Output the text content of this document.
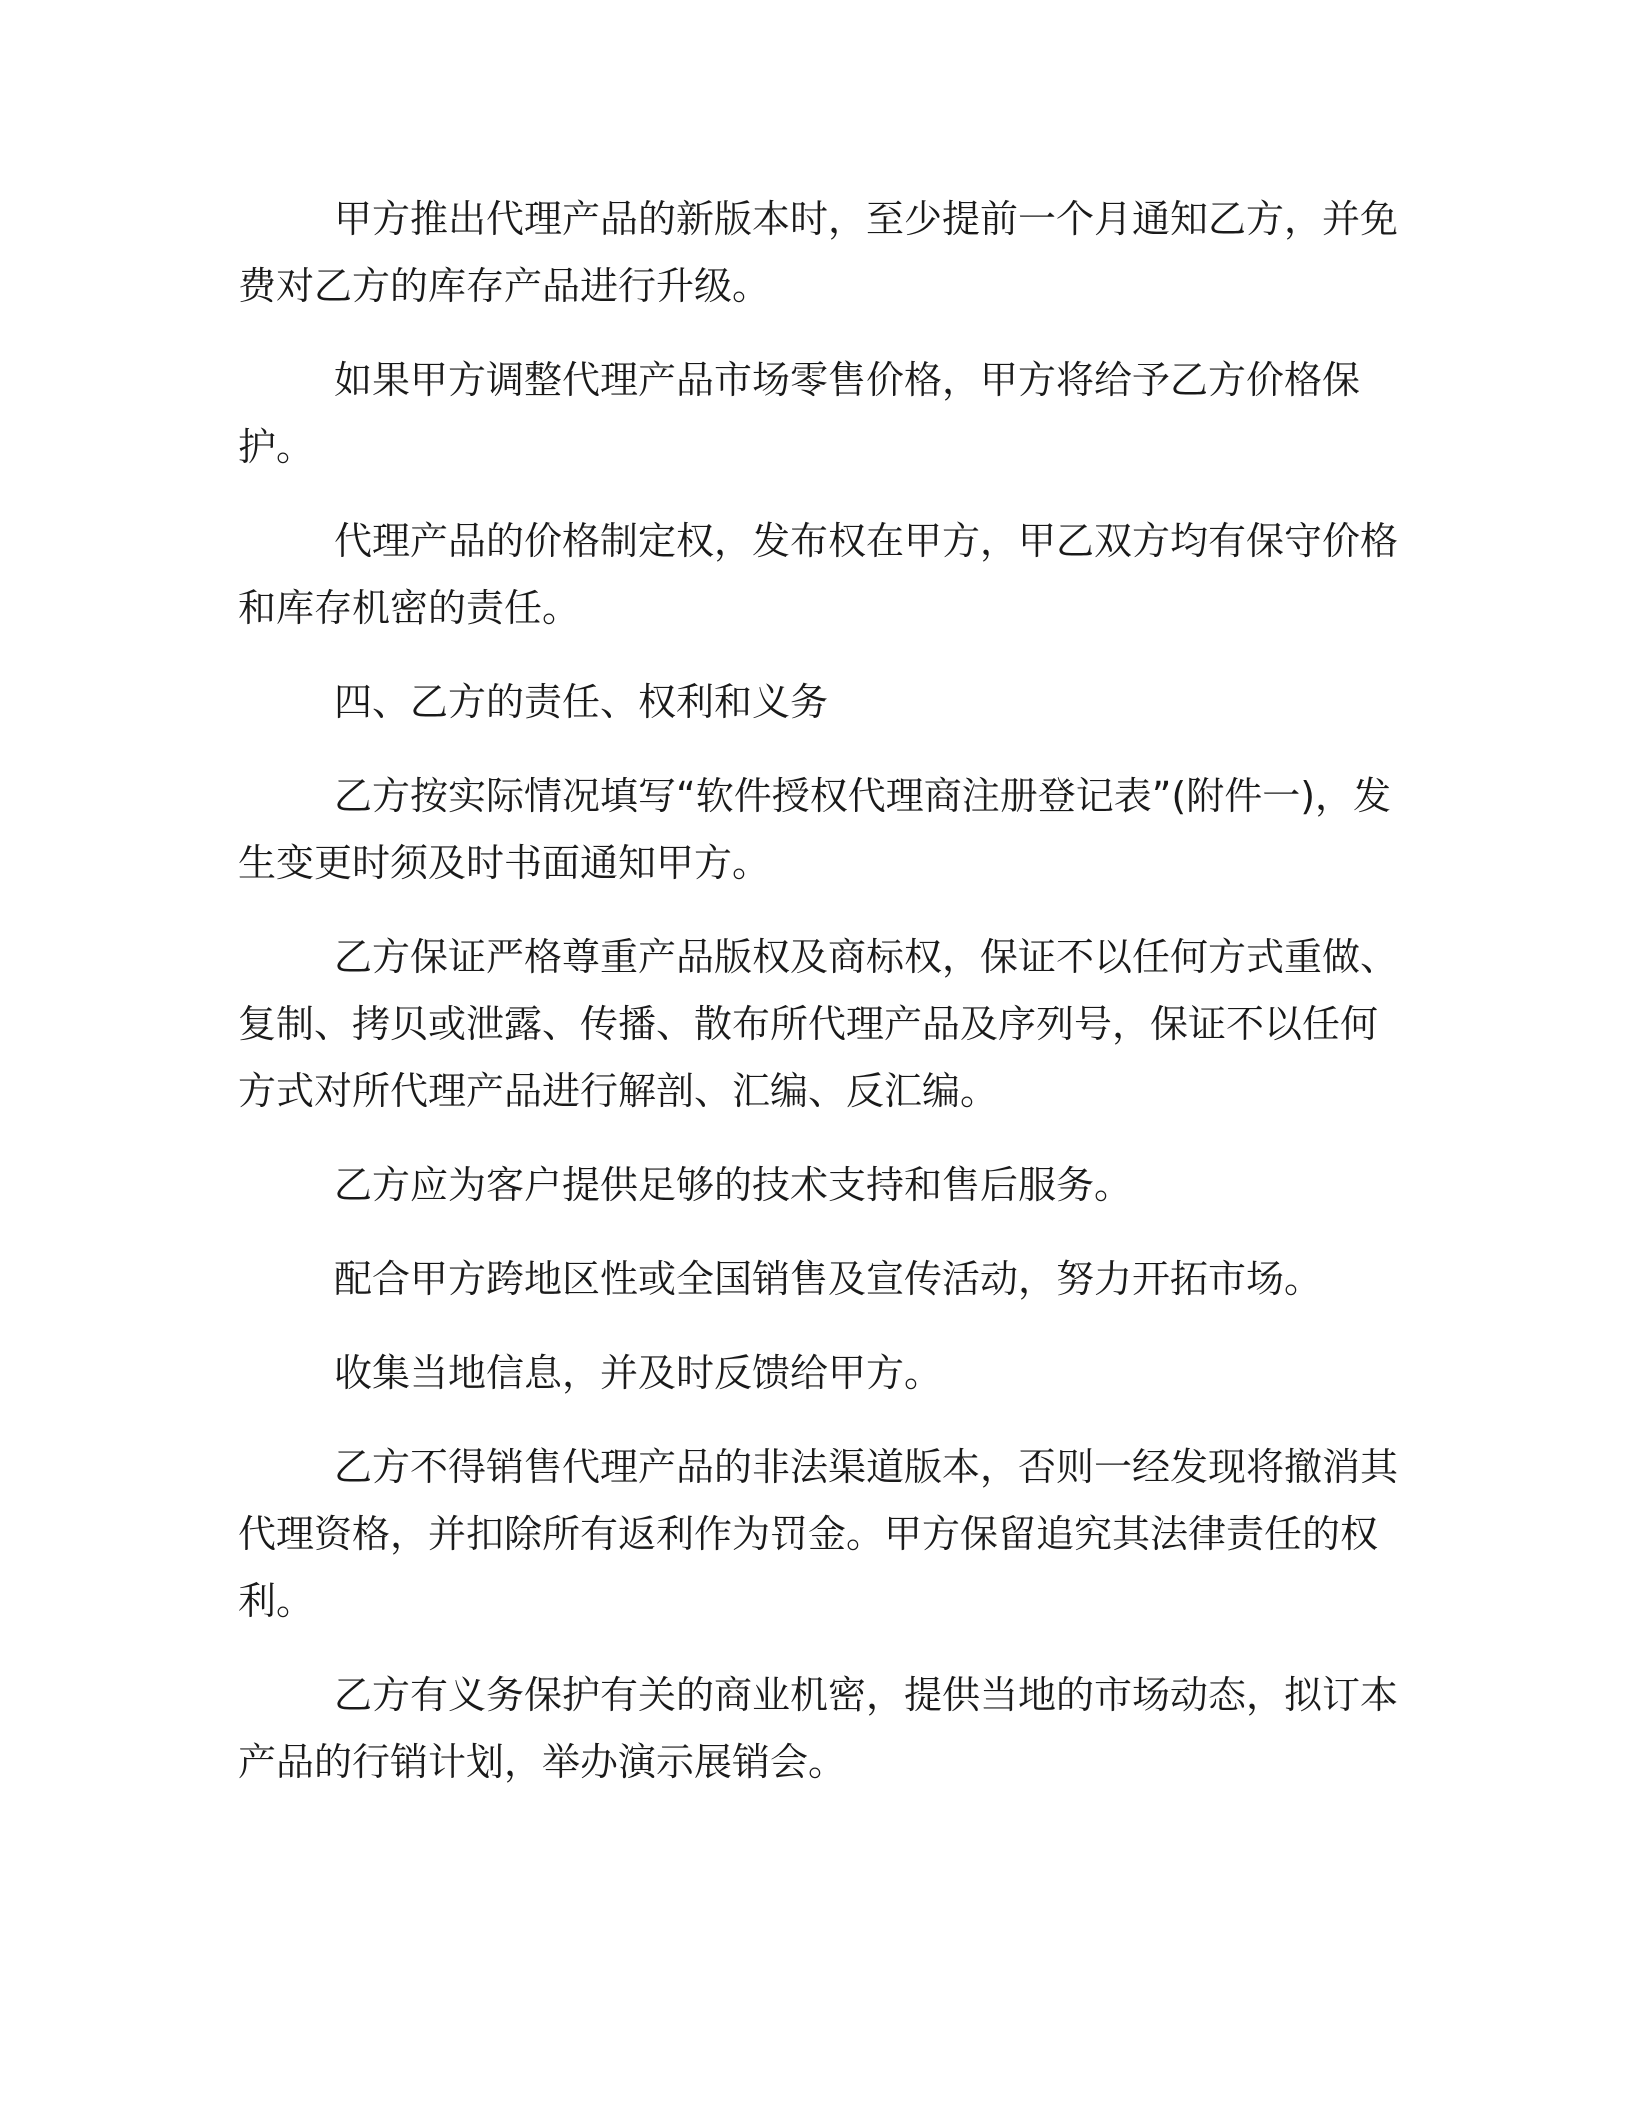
甲方推出代理产品的新版本时，至少提前一个月通知乙方，并免费对乙方的库存产品进行升级。

如果甲方调整代理产品市场零售价格，甲方将给予乙方价格保护。

代理产品的价格制定权，发布权在甲方，甲乙双方均有保守价格和库存机密的责任。

四、乙方的责任、权利和义务

乙方按实际情况填写“软件授权代理商注册登记表”(附件一)，发生变更时须及时书面通知甲方。

乙方保证严格尊重产品版权及商标权，保证不以任何方式重做、复制、拷贝或泄露、传播、散布所代理产品及序列号，保证不以任何方式对所代理产品进行解剖、汇编、反汇编。

乙方应为客户提供足够的技术支持和售后服务。

配合甲方跨地区性或全国销售及宣传活动，努力开拓市场。

收集当地信息，并及时反馈给甲方。

乙方不得销售代理产品的非法渠道版本，否则一经发现将撤消其代理资格，并扣除所有返利作为罚金。甲方保留追究其法律责任的权利。

乙方有义务保护有关的商业机密，提供当地的市场动态，拟订本产品的行销计划，举办演示展销会。
